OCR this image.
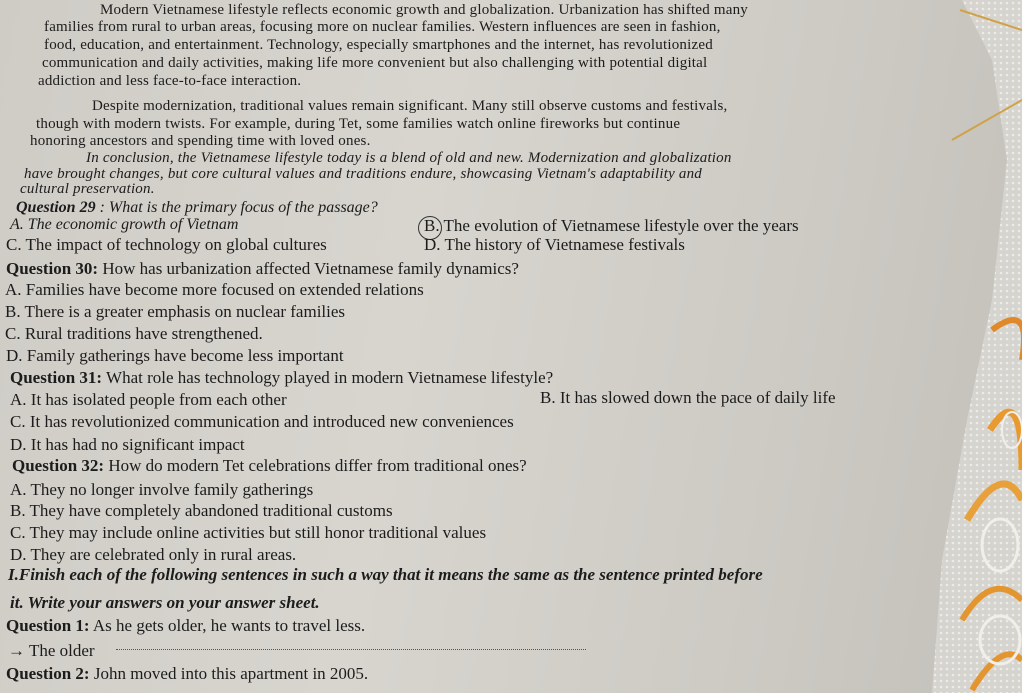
Modern Vietnamese lifestyle reflects economic growth and globalization. Urbanization has shifted many
families from rural to urban areas, focusing more on nuclear families. Western influences are seen in fashion,
food, education, and entertainment. Technology, especially smartphones and the internet, has revolutionized
communication and daily activities, making life more convenient but also challenging with potential digital
addiction and less face-to-face interaction.
Despite modernization, traditional values remain significant. Many still observe customs and festivals,
though with modern twists. For example, during Tet, some families watch online fireworks but continue
honoring ancestors and spending time with loved ones.
In conclusion, the Vietnamese lifestyle today is a blend of old and new. Modernization and globalization
have brought changes, but core cultural values and traditions endure, showcasing Vietnam's adaptability and
cultural preservation.
Question 29 : What is the primary focus of the passage?
A. The economic growth of Vietnam	B. The evolution of Vietnamese lifestyle over the years
C. The impact of technology on global cultures	D. The history of Vietnamese festivals
Question 30: How has urbanization affected Vietnamese family dynamics?
A. Families have become more focused on extended relations
B. There is a greater emphasis on nuclear families
C. Rural traditions have strengthened.
D. Family gatherings have become less important
Question 31: What role has technology played in modern Vietnamese lifestyle?
A. It has isolated people from each other	B. It has slowed down the pace of daily life
C. It has revolutionized communication and introduced new conveniences
D. It has had no significant impact
Question 32: How do modern Tet celebrations differ from traditional ones?
A. They no longer involve family gatherings
B. They have completely abandoned traditional customs
C. They may include online activities but still honor traditional values
D. They are celebrated only in rural areas.
I.Finish each of the following sentences in such a way that it means the same as the sentence printed before
it. Write your answers on your answer sheet.
Question 1: As he gets older, he wants to travel less.
→ The older
Question 2: John moved into this apartment in 2005.
